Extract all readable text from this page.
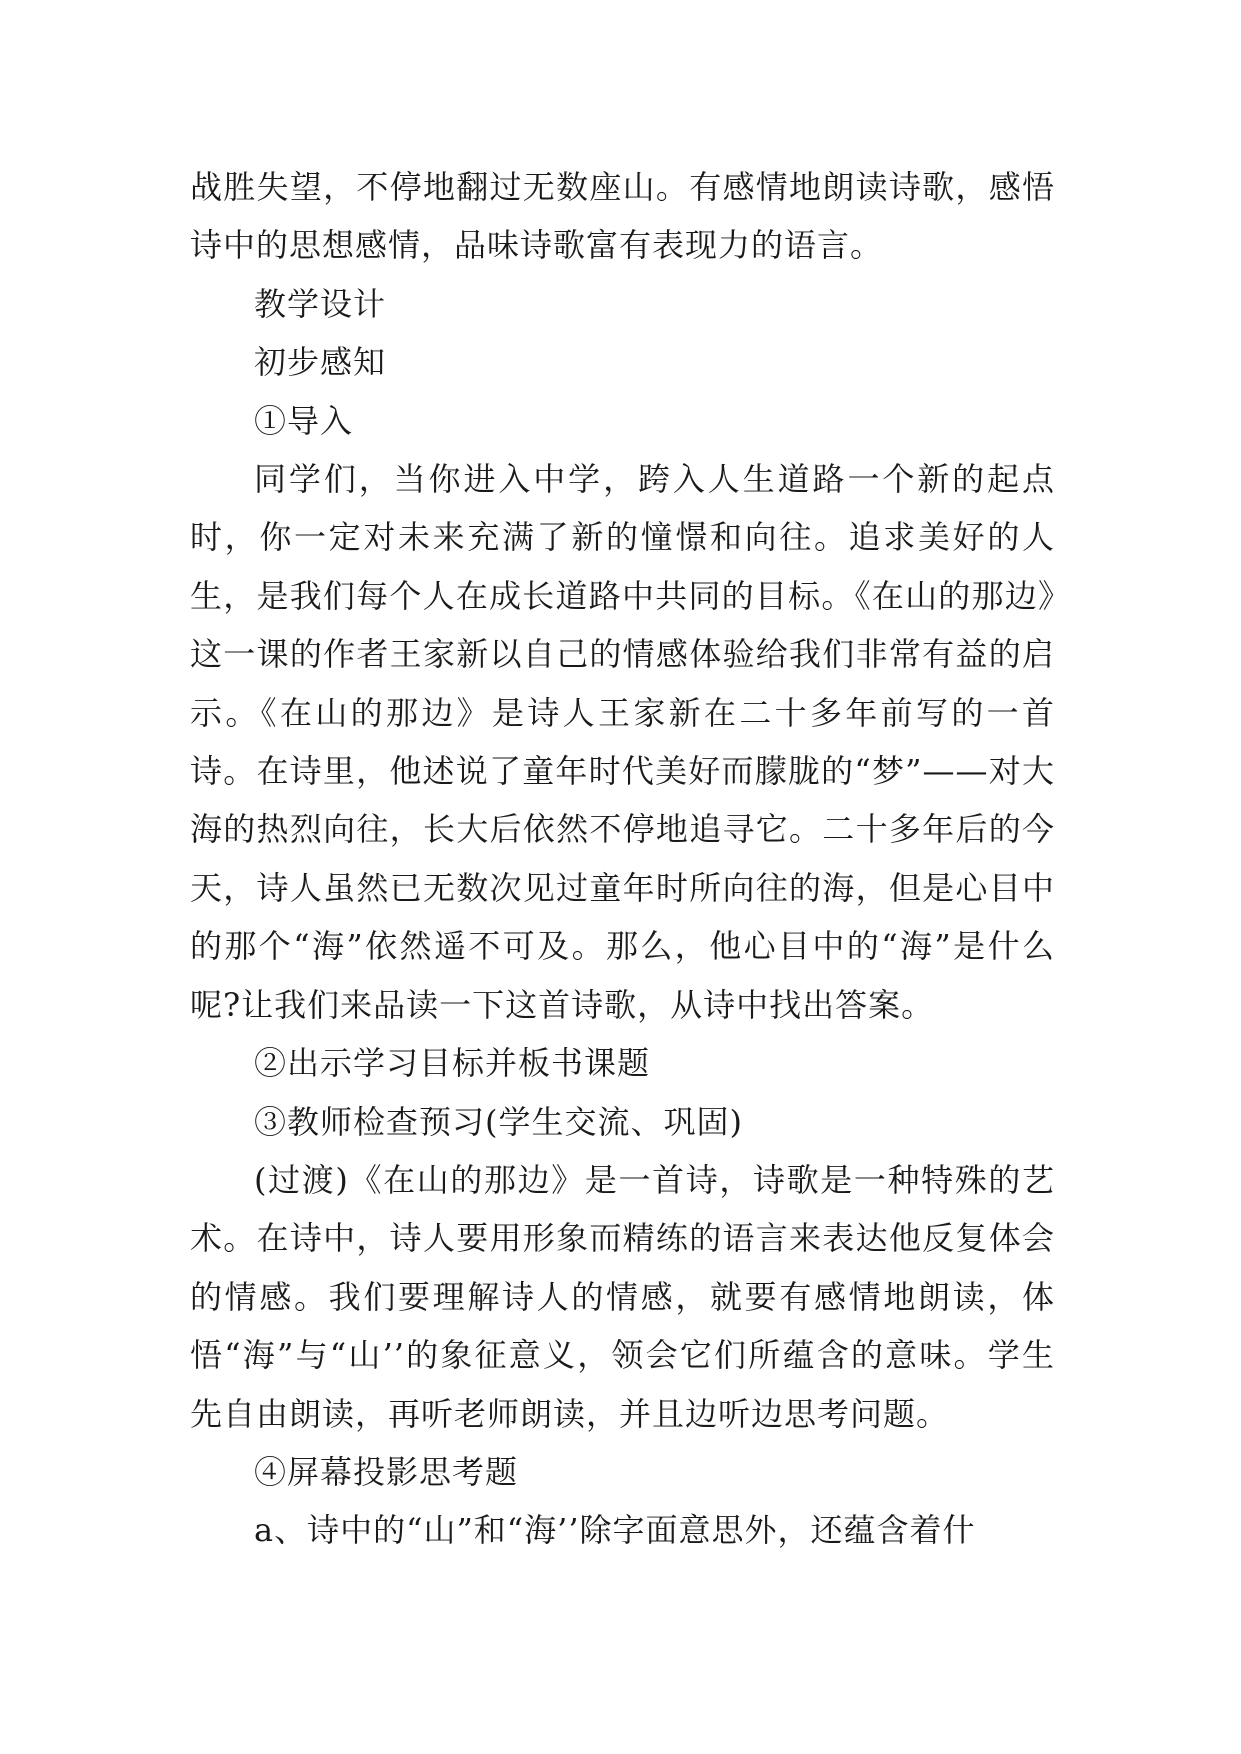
战胜失望，不停地翻过无数座山。有感情地朗读诗歌，感悟诗中的思想感情，品味诗歌富有表现力的语言。

教学设计

初步感知

①导入

同学们，当你进入中学，跨入人生道路一个新的起点时，你一定对未来充满了新的憧憬和向往。追求美好的人生，是我们每个人在成长道路中共同的目标。《在山的那边》这一课的作者王家新以自己的情感体验给我们非常有益的启示。《在山的那边》是诗人王家新在二十多年前写的一首诗。在诗里，他述说了童年时代美好而朦胧的“梦”——对大海的热烈向往，长大后依然不停地追寻它。二十多年后的今天，诗人虽然已无数次见过童年时所向往的海，但是心目中的那个“海”依然遥不可及。那么，他心目中的“海”是什么呢?让我们来品读一下这首诗歌，从诗中找出答案。

②出示学习目标并板书课题

③教师检查预习(学生交流、巩固)

(过渡)《在山的那边》是一首诗，诗歌是一种特殊的艺术。在诗中，诗人要用形象而精练的语言来表达他反复体会的情感。我们要理解诗人的情感，就要有感情地朗读，体悟“海”与“山’’的象征意义，领会它们所蕴含的意味。学生先自由朗读，再听老师朗读，并且边听边思考问题。

④屏幕投影思考题

a、诗中的“山”和“海’’除字面意思外，还蕴含着什
